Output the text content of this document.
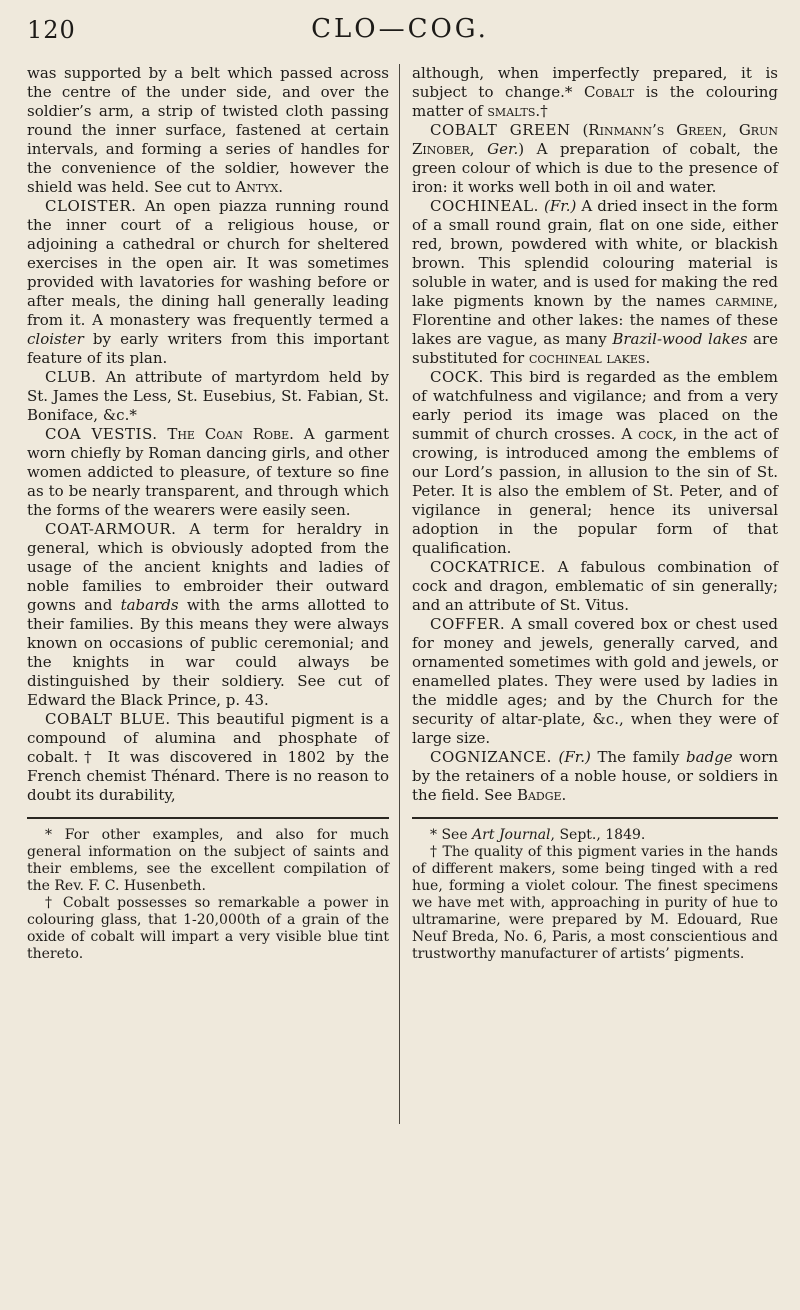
120	CLO—COG.

was supported by a belt which passed across the centre of the under side, and over the soldier’s arm, a strip of twisted cloth passing round the inner surface, fastened at certain intervals, and forming a series of handles for the convenience of the soldier, however the shield was held. See cut to Antyx.

CLOISTER. An open piazza running round the inner court of a religious house, or adjoining a cathedral or church for sheltered exercises in the open air. It was sometimes provided with lavatories for washing before or after meals, the dining hall generally leading from it. A monastery was frequently termed a cloister by early writers from this important feature of its plan.

CLUB. An attribute of martyrdom held by St. James the Less, St. Eusebius, St. Fabian, St. Boniface, &c.*

COA VESTIS. The Coan Robe. A garment worn chiefly by Roman dancing girls, and other women addicted to pleasure, of texture so fine as to be nearly transparent, and through which the forms of the wearers were easily seen.

COAT-ARMOUR. A term for heraldry in general, which is obviously adopted from the usage of the ancient knights and ladies of noble families to embroider their outward gowns and tabards with the arms allotted to their families. By this means they were always known on occasions of public ceremonial; and the knights in war could always be distinguished by their soldiery. See cut of Edward the Black Prince, p. 43.

COBALT BLUE. This beautiful pigment is a compound of alumina and phosphate of cobalt.† It was discovered in 1802 by the French chemist Thénard. There is no reason to doubt its durability,

* For other examples, and also for much general information on the subject of saints and their emblems, see the excellent compilation of the Rev. F. C. Husenbeth.

† Cobalt possesses so remarkable a power in colouring glass, that 1-20,000th of a grain of the oxide of cobalt will impart a very visible blue tint thereto.

although, when imperfectly prepared, it is subject to change.* Cobalt is the colouring matter of smalts.†

COBALT GREEN (Rinmann’s Green, Grun Zinober, Ger.) A preparation of cobalt, the green colour of which is due to the presence of iron: it works well both in oil and water.

COCHINEAL. (Fr.) A dried insect in the form of a small round grain, flat on one side, either red, brown, powdered with white, or blackish brown. This splendid colouring material is soluble in water, and is used for making the red lake pigments known by the names carmine, Florentine and other lakes: the names of these lakes are vague, as many Brazil-wood lakes are substituted for cochineal lakes.

COCK. This bird is regarded as the emblem of watchfulness and vigilance; and from a very early period its image was placed on the summit of church crosses. A cock, in the act of crowing, is introduced among the emblems of our Lord’s passion, in allusion to the sin of St. Peter. It is also the emblem of St. Peter, and of vigilance in general; hence its universal adoption in the popular form of that qualification.

COCKATRICE. A fabulous combination of cock and dragon, emblematic of sin generally; and an attribute of St. Vitus.

COFFER. A small covered box or chest used for money and jewels, generally carved, and ornamented sometimes with gold and jewels, or enamelled plates. They were used by ladies in the middle ages; and by the Church for the security of altar-plate, &c., when they were of large size.

COGNIZANCE. (Fr.) The family badge worn by the retainers of a noble house, or soldiers in the field. See Badge.

* See Art Journal, Sept., 1849.

† The quality of this pigment varies in the hands of different makers, some being tinged with a red hue, forming a violet colour. The finest specimens we have met with, approaching in purity of hue to ultramarine, were prepared by M. Edouard, Rue Neuf Breda, No. 6, Paris, a most conscientious and trustworthy manufacturer of artists’ pigments.
